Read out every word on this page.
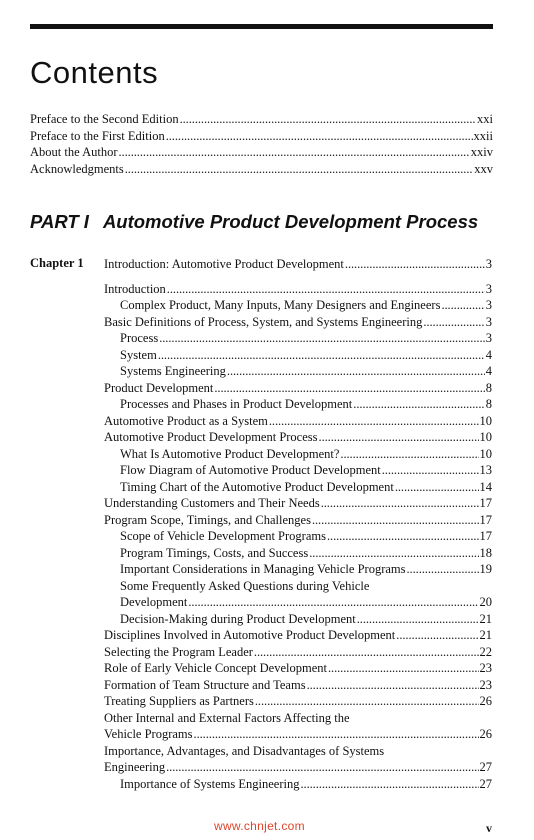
Contents
Preface to the Second Edition . . .	xxi
Preface to the First Edition . . .	xxii
About the Author . . .	xxiv
Acknowledgments . . .	xxv
PART I Automotive Product Development Process
Chapter 1 Introduction: Automotive Product Development . . .	3
Introduction . . .	3
Complex Product, Many Inputs, Many Designers and Engineers . . .	3
Basic Definitions of Process, System, and Systems Engineering . . .	3
Process . . .	3
System . . .	4
Systems Engineering . . .	4
Product Development . . .	8
Processes and Phases in Product Development . . .	8
Automotive Product as a System . . .	10
Automotive Product Development Process . . .	10
What Is Automotive Product Development? . . .	10
Flow Diagram of Automotive Product Development . . .	13
Timing Chart of the Automotive Product Development . . .	14
Understanding Customers and Their Needs . . .	17
Program Scope, Timings, and Challenges . . .	17
Scope of Vehicle Development Programs . . .	17
Program Timings, Costs, and Success . . .	18
Important Considerations in Managing Vehicle Programs . . .	19
Some Frequently Asked Questions during Vehicle
Development . . .	20
Decision-Making during Product Development . . .	21
Disciplines Involved in Automotive Product Development . . .	21
Selecting the Program Leader . . .	22
Role of Early Vehicle Concept Development . . .	23
Formation of Team Structure and Teams . . .	23
Treating Suppliers as Partners . . .	26
Other Internal and External Factors Affecting the
Vehicle Programs . . .	26
Importance, Advantages, and Disadvantages of Systems
Engineering . . .	27
Importance of Systems Engineering . . .	27
www.chnjet.com	v
